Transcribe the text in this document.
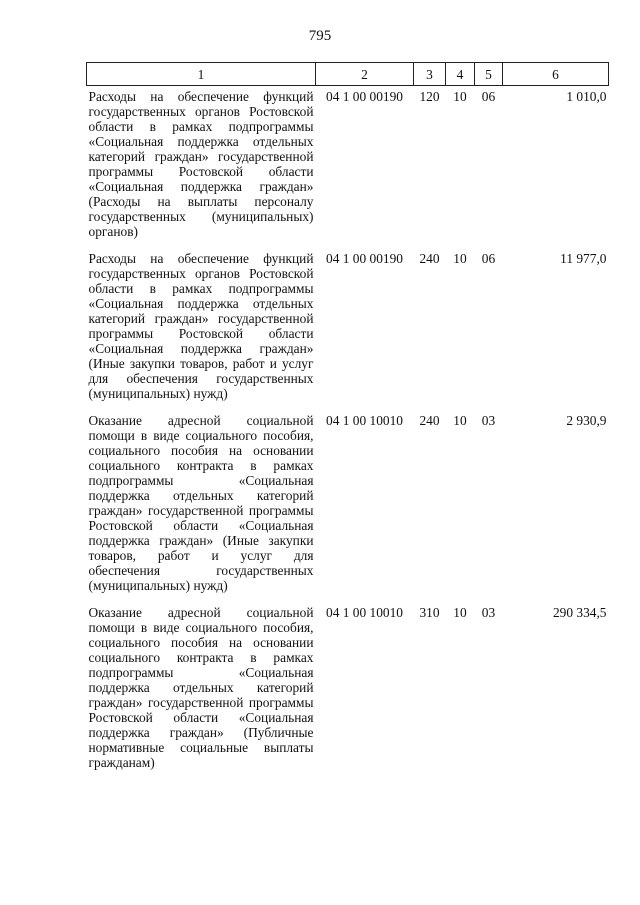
795
1	2	3	4	5	6
Расходы на обеспечение функций государственных органов Ростовской области в рамках подпрограммы «Социальная поддержка отдельных категорий граждан» государственной программы Ростовской области «Социальная поддержка граждан» (Расходы на выплаты персоналу государственных (муниципальных) органов)	04 1 00 00190	120	10	06	1 010,0
Расходы на обеспечение функций государственных органов Ростовской области в рамках подпрограммы «Социальная поддержка отдельных категорий граждан» государственной программы Ростовской области «Социальная поддержка граждан» (Иные закупки товаров, работ и услуг для обеспечения государственных (муниципальных) нужд)	04 1 00 00190	240	10	06	11 977,0
Оказание адресной социальной помощи в виде социального пособия, социального пособия на основании социального контракта в рамках подпрограммы «Социальная поддержка отдельных категорий граждан» государственной программы Ростовской области «Социальная поддержка граждан» (Иные закупки товаров, работ и услуг для обеспечения государственных (муниципальных) нужд)	04 1 00 10010	240	10	03	2 930,9
Оказание адресной социальной помощи в виде социального пособия, социального пособия на основании социального контракта в рамках подпрограммы «Социальная поддержка отдельных категорий граждан» государственной программы Ростовской области «Социальная поддержка граждан» (Публичные нормативные социальные выплаты гражданам)	04 1 00 10010	310	10	03	290 334,5
